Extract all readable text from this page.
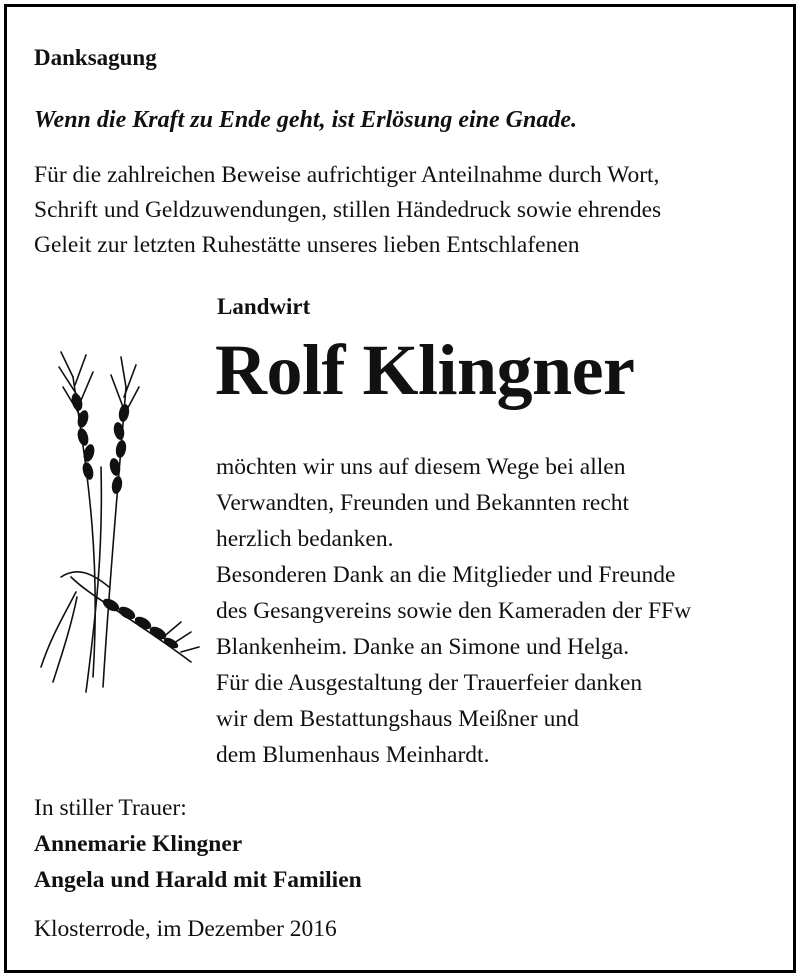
Danksagung
Wenn die Kraft zu Ende geht, ist Erlösung eine Gnade.
Für die zahlreichen Beweise aufrichtiger Anteilnahme durch Wort,
Schrift und Geldzuwendungen, stillen Händedruck sowie ehrendes
Geleit zur letzten Ruhestätte unseres lieben Entschlafenen
Landwirt
Rolf Klingner
möchten wir uns auf diesem Wege bei allen
Verwandten, Freunden und Bekannten recht
herzlich bedanken.
Besonderen Dank an die Mitglieder und Freunde
des Gesangvereins sowie den Kameraden der FFw
Blankenheim. Danke an Simone und Helga.
Für die Ausgestaltung der Trauerfeier danken
wir dem Bestattungshaus Meißner und
dem Blumenhaus Meinhardt.
In stiller Trauer:
Annemarie Klingner
Angela und Harald mit Familien
Klosterrode, im Dezember 2016
